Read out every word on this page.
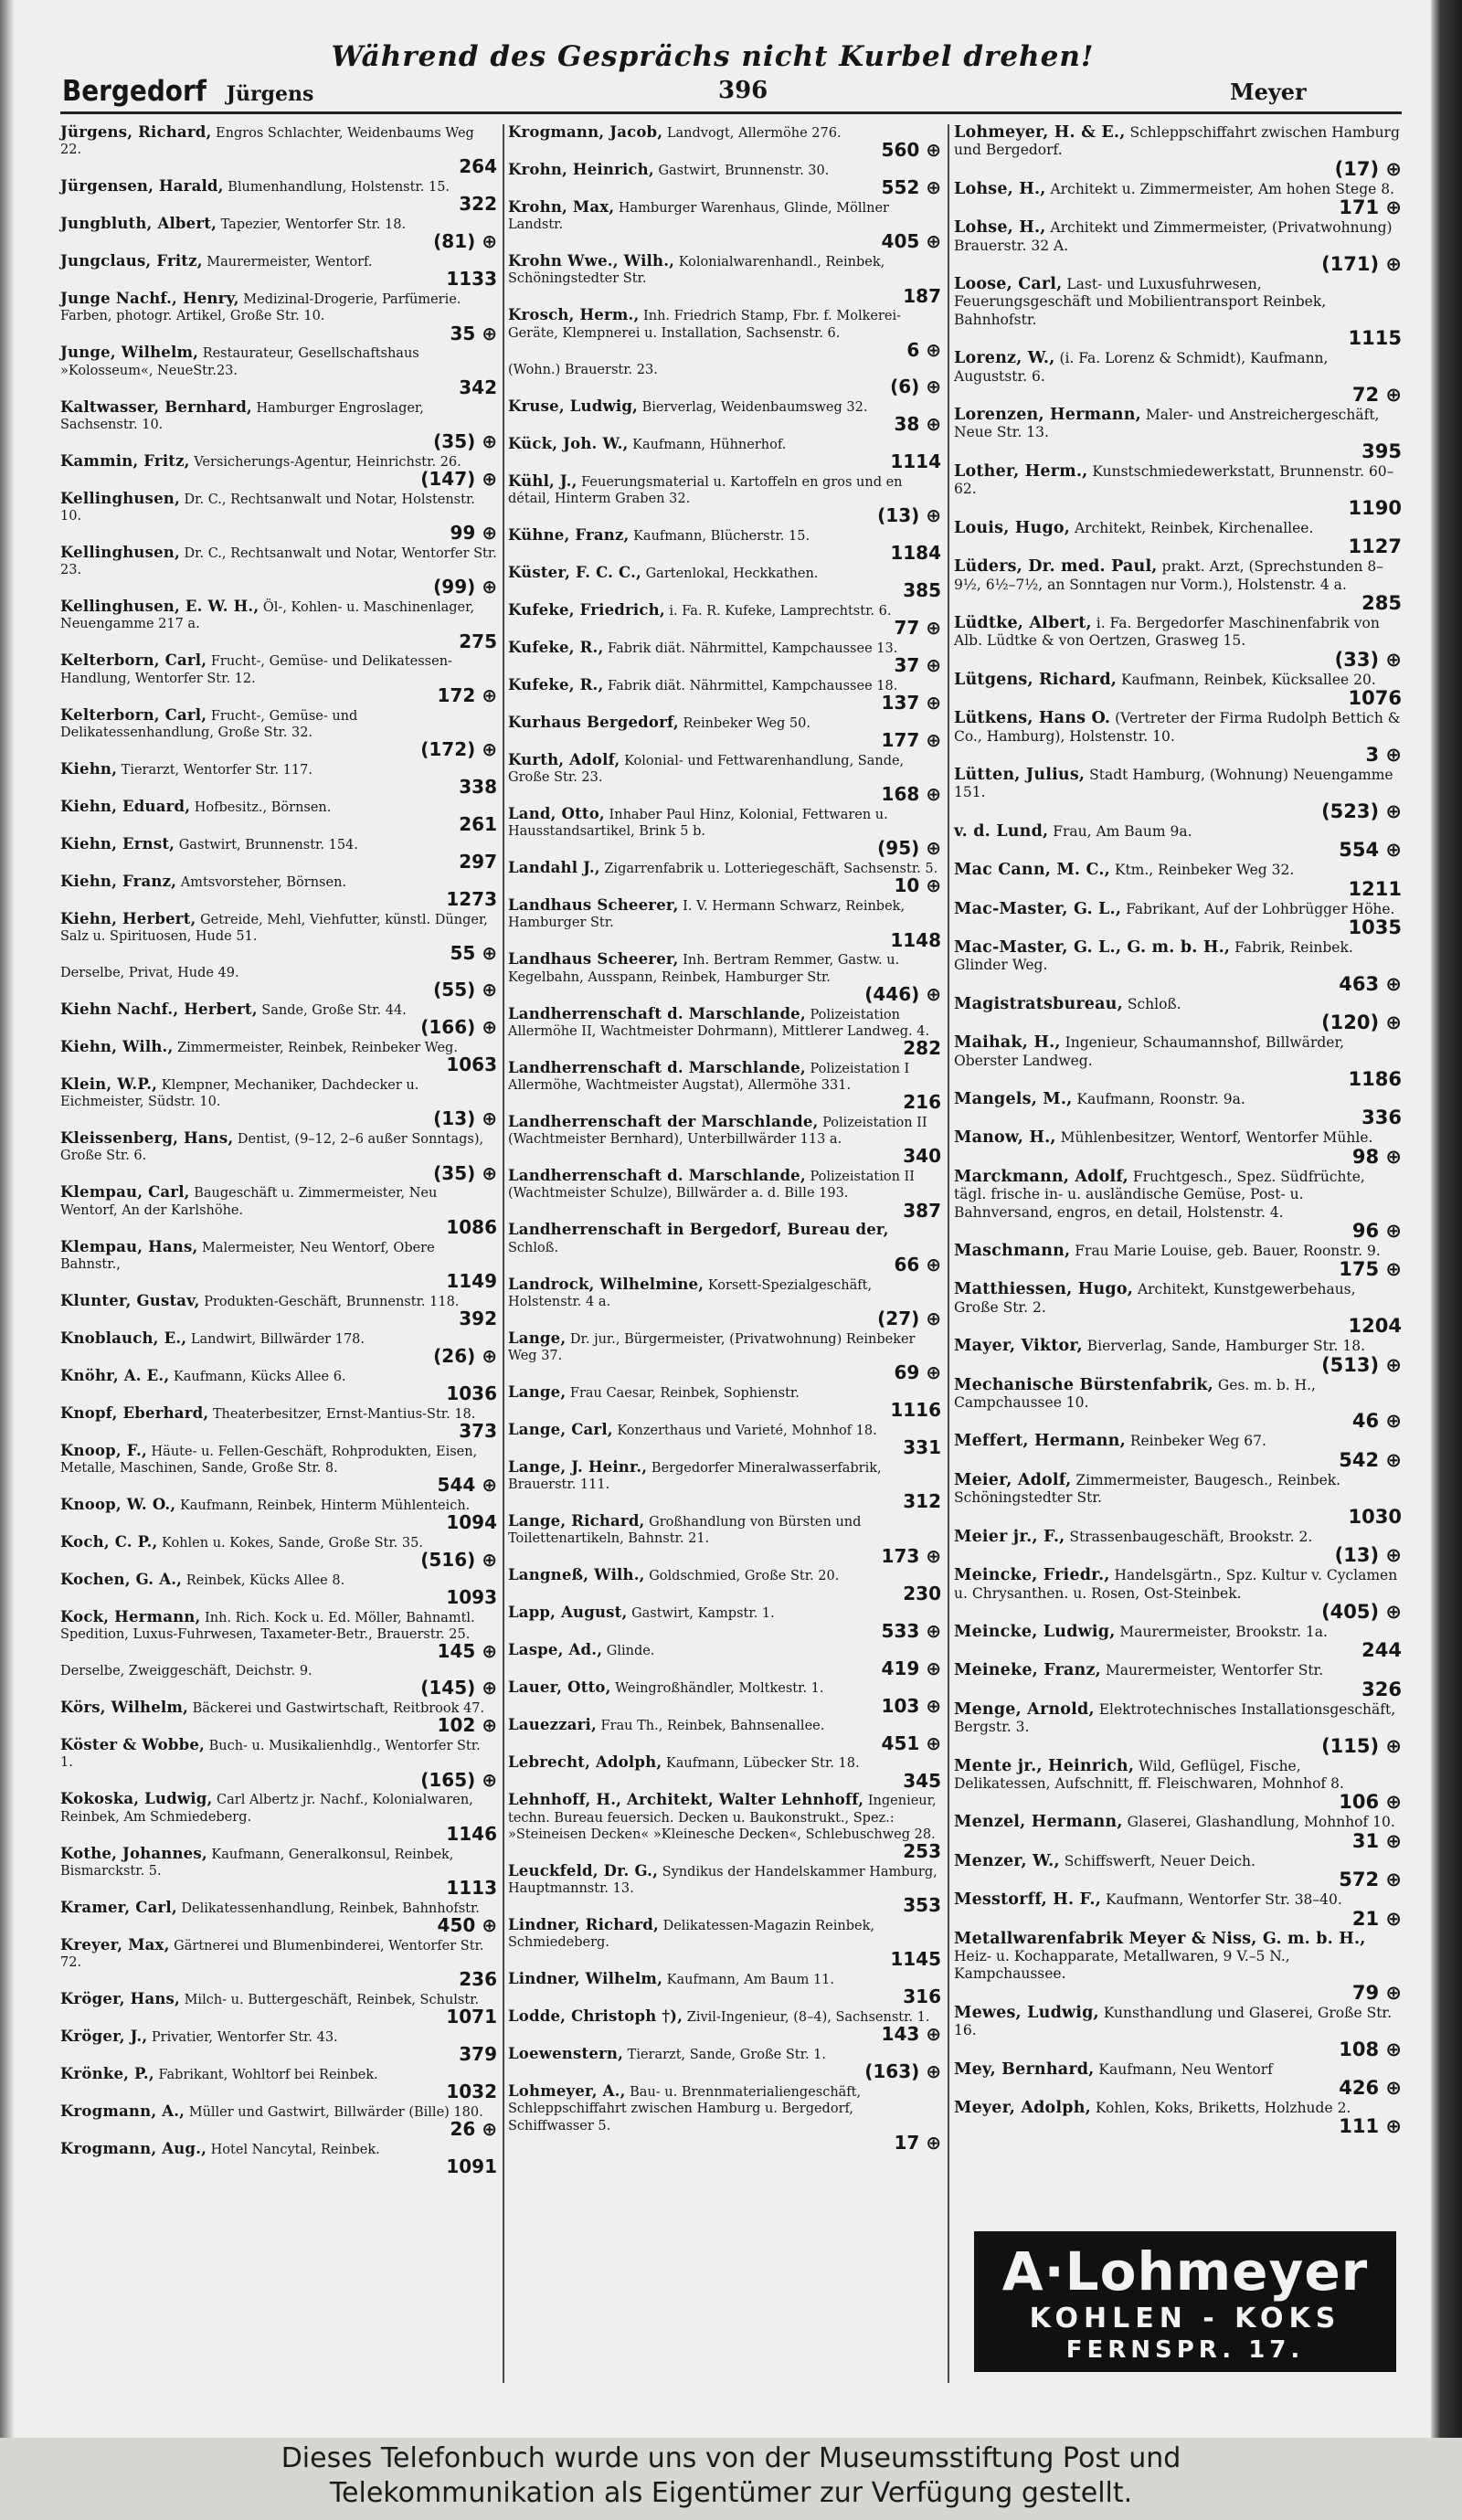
Während des Gesprächs nicht Kurbel drehen!
Bergedorf Jürgens	396	Meyer
Jürgens, Richard, Engros Schlachter, Weidenbaums Weg 22.
264
Jürgensen, Harald, Blumenhandlung, Holstenstr. 15.
322
Jungbluth, Albert, Tapezier, Wentorfer Str. 18.
(81) ⊕
Jungclaus, Fritz, Maurermeister, Wentorf.
1133
Junge Nachf., Henry, Medizinal-Drogerie, Parfümerie. Farben, photogr. Artikel, Große Str. 10.
35 ⊕
Junge, Wilhelm, Restaurateur, Gesellschaftshaus »Kolosseum«, NeueStr.23.
342
Kaltwasser, Bernhard, Hamburger Engroslager, Sachsenstr. 10.
(35) ⊕
Kammin, Fritz, Versicherungs-Agentur, Heinrichstr. 26.
(147) ⊕
Kellinghusen, Dr. C., Rechtsanwalt und Notar, Holstenstr. 10.
99 ⊕
Kellinghusen, Dr. C., Rechtsanwalt und Notar, Wentorfer Str. 23.
(99) ⊕
Kellinghusen, E. W. H., Öl-, Kohlen- u. Maschinenlager, Neuengamme 217 a.
275
Kelterborn, Carl, Frucht-, Gemüse- und Delikatessen-Handlung, Wentorfer Str. 12.
172 ⊕
Kelterborn, Carl, Frucht-, Gemüse- und Delikatessenhandlung, Große Str. 32.
(172) ⊕
Kiehn, Tierarzt, Wentorfer Str. 117.
338
Kiehn, Eduard, Hofbesitz., Börnsen.
261
Kiehn, Ernst, Gastwirt, Brunnenstr. 154.
297
Kiehn, Franz, Amtsvorsteher, Börnsen.
1273
Kiehn, Herbert, Getreide, Mehl, Viehfutter, künstl. Dünger, Salz u. Spirituosen, Hude 51.
55 ⊕
Derselbe, Privat, Hude 49.
(55) ⊕
Kiehn Nachf., Herbert, Sande, Große Str. 44.
(166) ⊕
Kiehn, Wilh., Zimmermeister, Reinbek, Reinbeker Weg.
1063
Klein, W.P., Klempner, Mechaniker, Dachdecker u. Eichmeister, Südstr. 10.
(13) ⊕
Kleissenberg, Hans, Dentist, (9–12, 2–6 außer Sonntags), Große Str. 6.
(35) ⊕
Klempau, Carl, Baugeschäft u. Zimmermeister, Neu Wentorf, An der Karlshöhe.
1086
Klempau, Hans, Malermeister, Neu Wentorf, Obere Bahnstr.,
1149
Klunter, Gustav, Produkten-Geschäft, Brunnenstr. 118.
392
Knoblauch, E., Landwirt, Billwärder 178.
(26) ⊕
Knöhr, A. E., Kaufmann, Kücks Allee 6.
1036
Knopf, Eberhard, Theaterbesitzer, Ernst-Mantius-Str. 18.
373
Knoop, F., Häute- u. Fellen-Geschäft, Rohprodukten, Eisen, Metalle, Maschinen, Sande, Große Str. 8.
544 ⊕
Knoop, W. O., Kaufmann, Reinbek, Hinterm Mühlenteich.
1094
Koch, C. P., Kohlen u. Kokes, Sande, Große Str. 35.
(516) ⊕
Kochen, G. A., Reinbek, Kücks Allee 8.
1093
Kock, Hermann, Inh. Rich. Kock u. Ed. Möller, Bahnamtl. Spedition, Luxus-Fuhrwesen, Taxameter-Betr., Brauerstr. 25.
145 ⊕
Derselbe, Zweiggeschäft, Deichstr. 9.
(145) ⊕
Körs, Wilhelm, Bäckerei und Gastwirtschaft, Reitbrook 47.
102 ⊕
Köster & Wobbe, Buch- u. Musikalienhdlg., Wentorfer Str. 1.
(165) ⊕
Kokoska, Ludwig, Carl Albertz jr. Nachf., Kolonialwaren, Reinbek, Am Schmiedeberg.
1146
Kothe, Johannes, Kaufmann, Generalkonsul, Reinbek, Bismarckstr. 5.
1113
Kramer, Carl, Delikatessenhandlung, Reinbek, Bahnhofstr.
450 ⊕
Kreyer, Max, Gärtnerei und Blumenbinderei, Wentorfer Str. 72.
236
Kröger, Hans, Milch- u. Buttergeschäft, Reinbek, Schulstr.
1071
Kröger, J., Privatier, Wentorfer Str. 43.
379
Krönke, P., Fabrikant, Wohltorf bei Reinbek.
1032
Krogmann, A., Müller und Gastwirt, Billwärder (Bille) 180.
26 ⊕
Krogmann, Aug., Hotel Nancytal, Reinbek.
1091
Krogmann, Jacob, Landvogt, Allermöhe 276.
560 ⊕
Krohn, Heinrich, Gastwirt, Brunnenstr. 30.
552 ⊕
Krohn, Max, Hamburger Warenhaus, Glinde, Möllner Landstr.
405 ⊕
Krohn Wwe., Wilh., Kolonialwarenhandl., Reinbek, Schöningstedter Str.
187
Krosch, Herm., Inh. Friedrich Stamp, Fbr. f. Molkerei-Geräte, Klempnerei u. Installation, Sachsenstr. 6.
6 ⊕
(Wohn.) Brauerstr. 23.
(6) ⊕
Kruse, Ludwig, Bierverlag, Weidenbaumsweg 32.
38 ⊕
Kück, Joh. W., Kaufmann, Hühnerhof.
1114
Kühl, J., Feuerungsmaterial u. Kartoffeln en gros und en détail, Hinterm Graben 32.
(13) ⊕
Kühne, Franz, Kaufmann, Blücherstr. 15.
1184
Küster, F. C. C., Gartenlokal, Heckkathen.
385
Kufeke, Friedrich, i. Fa. R. Kufeke, Lamprechtstr. 6.
77 ⊕
Kufeke, R., Fabrik diät. Nährmittel, Kampchaussee 13.
37 ⊕
Kufeke, R., Fabrik diät. Nährmittel, Kampchaussee 18.
137 ⊕
Kurhaus Bergedorf, Reinbeker Weg 50.
177 ⊕
Kurth, Adolf, Kolonial- und Fettwarenhandlung, Sande, Große Str. 23.
168 ⊕
Land, Otto, Inhaber Paul Hinz, Kolonial, Fettwaren u. Hausstandsartikel, Brink 5 b.
(95) ⊕
Landahl J., Zigarrenfabrik u. Lotteriegeschäft, Sachsenstr. 5.
10 ⊕
Landhaus Scheerer, I. V. Hermann Schwarz, Reinbek, Hamburger Str.
1148
Landhaus Scheerer, Inh. Bertram Remmer, Gastw. u. Kegelbahn, Ausspann, Reinbek, Hamburger Str.
(446) ⊕
Landherrenschaft d. Marschlande, Polizeistation Allermöhe II, Wachtmeister Dohrmann), Mittlerer Landweg. 4.
282
Landherrenschaft d. Marschlande, Polizeistation I Allermöhe, Wachtmeister Augstat), Allermöhe 331.
216
Landherrenschaft der Marschlande, Polizeistation II (Wachtmeister Bernhard), Unterbillwärder 113 a.
340
Landherrenschaft d. Marschlande, Polizeistation II (Wachtmeister Schulze), Billwärder a. d. Bille 193.
387
Landherrenschaft in Bergedorf, Bureau der, Schloß.
66 ⊕
Landrock, Wilhelmine, Korsett-Spezialgeschäft, Holstenstr. 4 a.
(27) ⊕
Lange, Dr. jur., Bürgermeister, (Privatwohnung) Reinbeker Weg 37.
69 ⊕
Lange, Frau Caesar, Reinbek, Sophienstr.
1116
Lange, Carl, Konzerthaus und Varieté, Mohnhof 18.
331
Lange, J. Heinr., Bergedorfer Mineralwasserfabrik, Brauerstr. 111.
312
Lange, Richard, Großhandlung von Bürsten und Toilettenartikeln, Bahnstr. 21.
173 ⊕
Langneß, Wilh., Goldschmied, Große Str. 20.
230
Lapp, August, Gastwirt, Kampstr. 1.
533 ⊕
Laspe, Ad., Glinde.
419 ⊕
Lauer, Otto, Weingroßhändler, Moltkestr. 1.
103 ⊕
Lauezzari, Frau Th., Reinbek, Bahnsenallee.
451 ⊕
Lebrecht, Adolph, Kaufmann, Lübecker Str. 18.
345
Lehnhoff, H., Architekt, Walter Lehnhoff, Ingenieur, techn. Bureau feuersich. Decken u. Baukonstrukt., Spez.: »Steineisen Decken« »Kleinesche Decken«, Schlebuschweg 28.
253
Leuckfeld, Dr. G., Syndikus der Handelskammer Hamburg, Hauptmannstr. 13.
353
Lindner, Richard, Delikatessen-Magazin Reinbek, Schmiedeberg.
1145
Lindner, Wilhelm, Kaufmann, Am Baum 11.
316
Lodde, Christoph †), Zivil-Ingenieur, (8–4), Sachsenstr. 1.
143 ⊕
Loewenstern, Tierarzt, Sande, Große Str. 1.
(163) ⊕
Lohmeyer, A., Bau- u. Brennmaterialiengeschäft, Schleppschiffahrt zwischen Hamburg u. Bergedorf, Schiffwasser 5.
17 ⊕
Lohmeyer, H. & E., Schleppschiffahrt zwischen Hamburg und Bergedorf.
(17) ⊕
Lohse, H., Architekt u. Zimmermeister, Am hohen Stege 8.
171 ⊕
Lohse, H., Architekt und Zimmermeister, (Privatwohnung) Brauerstr. 32 A.
(171) ⊕
Loose, Carl, Last- und Luxusfuhrwesen, Feuerungsgeschäft und Mobilientransport Reinbek, Bahnhofstr.
1115
Lorenz, W., (i. Fa. Lorenz & Schmidt), Kaufmann, Auguststr. 6.
72 ⊕
Lorenzen, Hermann, Maler- und Anstreichergeschäft, Neue Str. 13.
395
Lother, Herm., Kunstschmiedewerkstatt, Brunnenstr. 60–62.
1190
Louis, Hugo, Architekt, Reinbek, Kirchenallee.
1127
Lüders, Dr. med. Paul, prakt. Arzt, (Sprechstunden 8–9½, 6½–7½, an Sonntagen nur Vorm.), Holstenstr. 4 a.
285
Lüdtke, Albert, i. Fa. Bergedorfer Maschinenfabrik von Alb. Lüdtke & von Oertzen, Grasweg 15.
(33) ⊕
Lütgens, Richard, Kaufmann, Reinbek, Kücksallee 20.
1076
Lütkens, Hans O. (Vertreter der Firma Rudolph Bettich & Co., Hamburg), Holstenstr. 10.
3 ⊕
Lütten, Julius, Stadt Hamburg, (Wohnung) Neuengamme 151.
(523) ⊕
v. d. Lund, Frau, Am Baum 9a.
554 ⊕
Mac Cann, M. C., Ktm., Reinbeker Weg 32.
1211
Mac-Master, G. L., Fabrikant, Auf der Lohbrügger Höhe.
1035
Mac-Master, G. L., G. m. b. H., Fabrik, Reinbek. Glinder Weg.
463 ⊕
Magistratsbureau, Schloß.
(120) ⊕
Maihak, H., Ingenieur, Schaumannshof, Billwärder, Oberster Landweg.
1186
Mangels, M., Kaufmann, Roonstr. 9a.
336
Manow, H., Mühlenbesitzer, Wentorf, Wentorfer Mühle.
98 ⊕
Marckmann, Adolf, Fruchtgesch., Spez. Südfrüchte, tägl. frische in- u. ausländische Gemüse, Post- u. Bahnversand, engros, en detail, Holstenstr. 4.
96 ⊕
Maschmann, Frau Marie Louise, geb. Bauer, Roonstr. 9.
175 ⊕
Matthiessen, Hugo, Architekt, Kunstgewerbehaus, Große Str. 2.
1204
Mayer, Viktor, Bierverlag, Sande, Hamburger Str. 18.
(513) ⊕
Mechanische Bürstenfabrik, Ges. m. b. H., Campchaussee 10.
46 ⊕
Meffert, Hermann, Reinbeker Weg 67.
542 ⊕
Meier, Adolf, Zimmermeister, Baugesch., Reinbek. Schöningstedter Str.
1030
Meier jr., F., Strassenbaugeschäft, Brookstr. 2.
(13) ⊕
Meincke, Friedr., Handelsgärtn., Spz. Kultur v. Cyclamen u. Chrysanthen. u. Rosen, Ost-Steinbek.
(405) ⊕
Meincke, Ludwig, Maurermeister, Brookstr. 1a.
244
Meineke, Franz, Maurermeister, Wentorfer Str.
326
Menge, Arnold, Elektrotechnisches Installationsgeschäft, Bergstr. 3.
(115) ⊕
Mente jr., Heinrich, Wild, Geflügel, Fische, Delikatessen, Aufschnitt, ff. Fleischwaren, Mohnhof 8.
106 ⊕
Menzel, Hermann, Glaserei, Glashandlung, Mohnhof 10.
31 ⊕
Menzer, W., Schiffswerft, Neuer Deich.
572 ⊕
Messtorff, H. F., Kaufmann, Wentorfer Str. 38–40.
21 ⊕
Metallwarenfabrik Meyer & Niss, G. m. b. H., Heiz- u. Kochapparate, Metallwaren, 9 V.–5 N., Kampchaussee.
79 ⊕
Mewes, Ludwig, Kunsthandlung und Glaserei, Große Str. 16.
108 ⊕
Mey, Bernhard, Kaufmann, Neu Wentorf
426 ⊕
Meyer, Adolph, Kohlen, Koks, Briketts, Holzhude 2.
111 ⊕
A·Lohmeyer
KOHLEN - KOKS
FERNSPR. 17.
Dieses Telefonbuch wurde uns von der Museumsstiftung Post und
Telekommunikation als Eigentümer zur Verfügung gestellt.
